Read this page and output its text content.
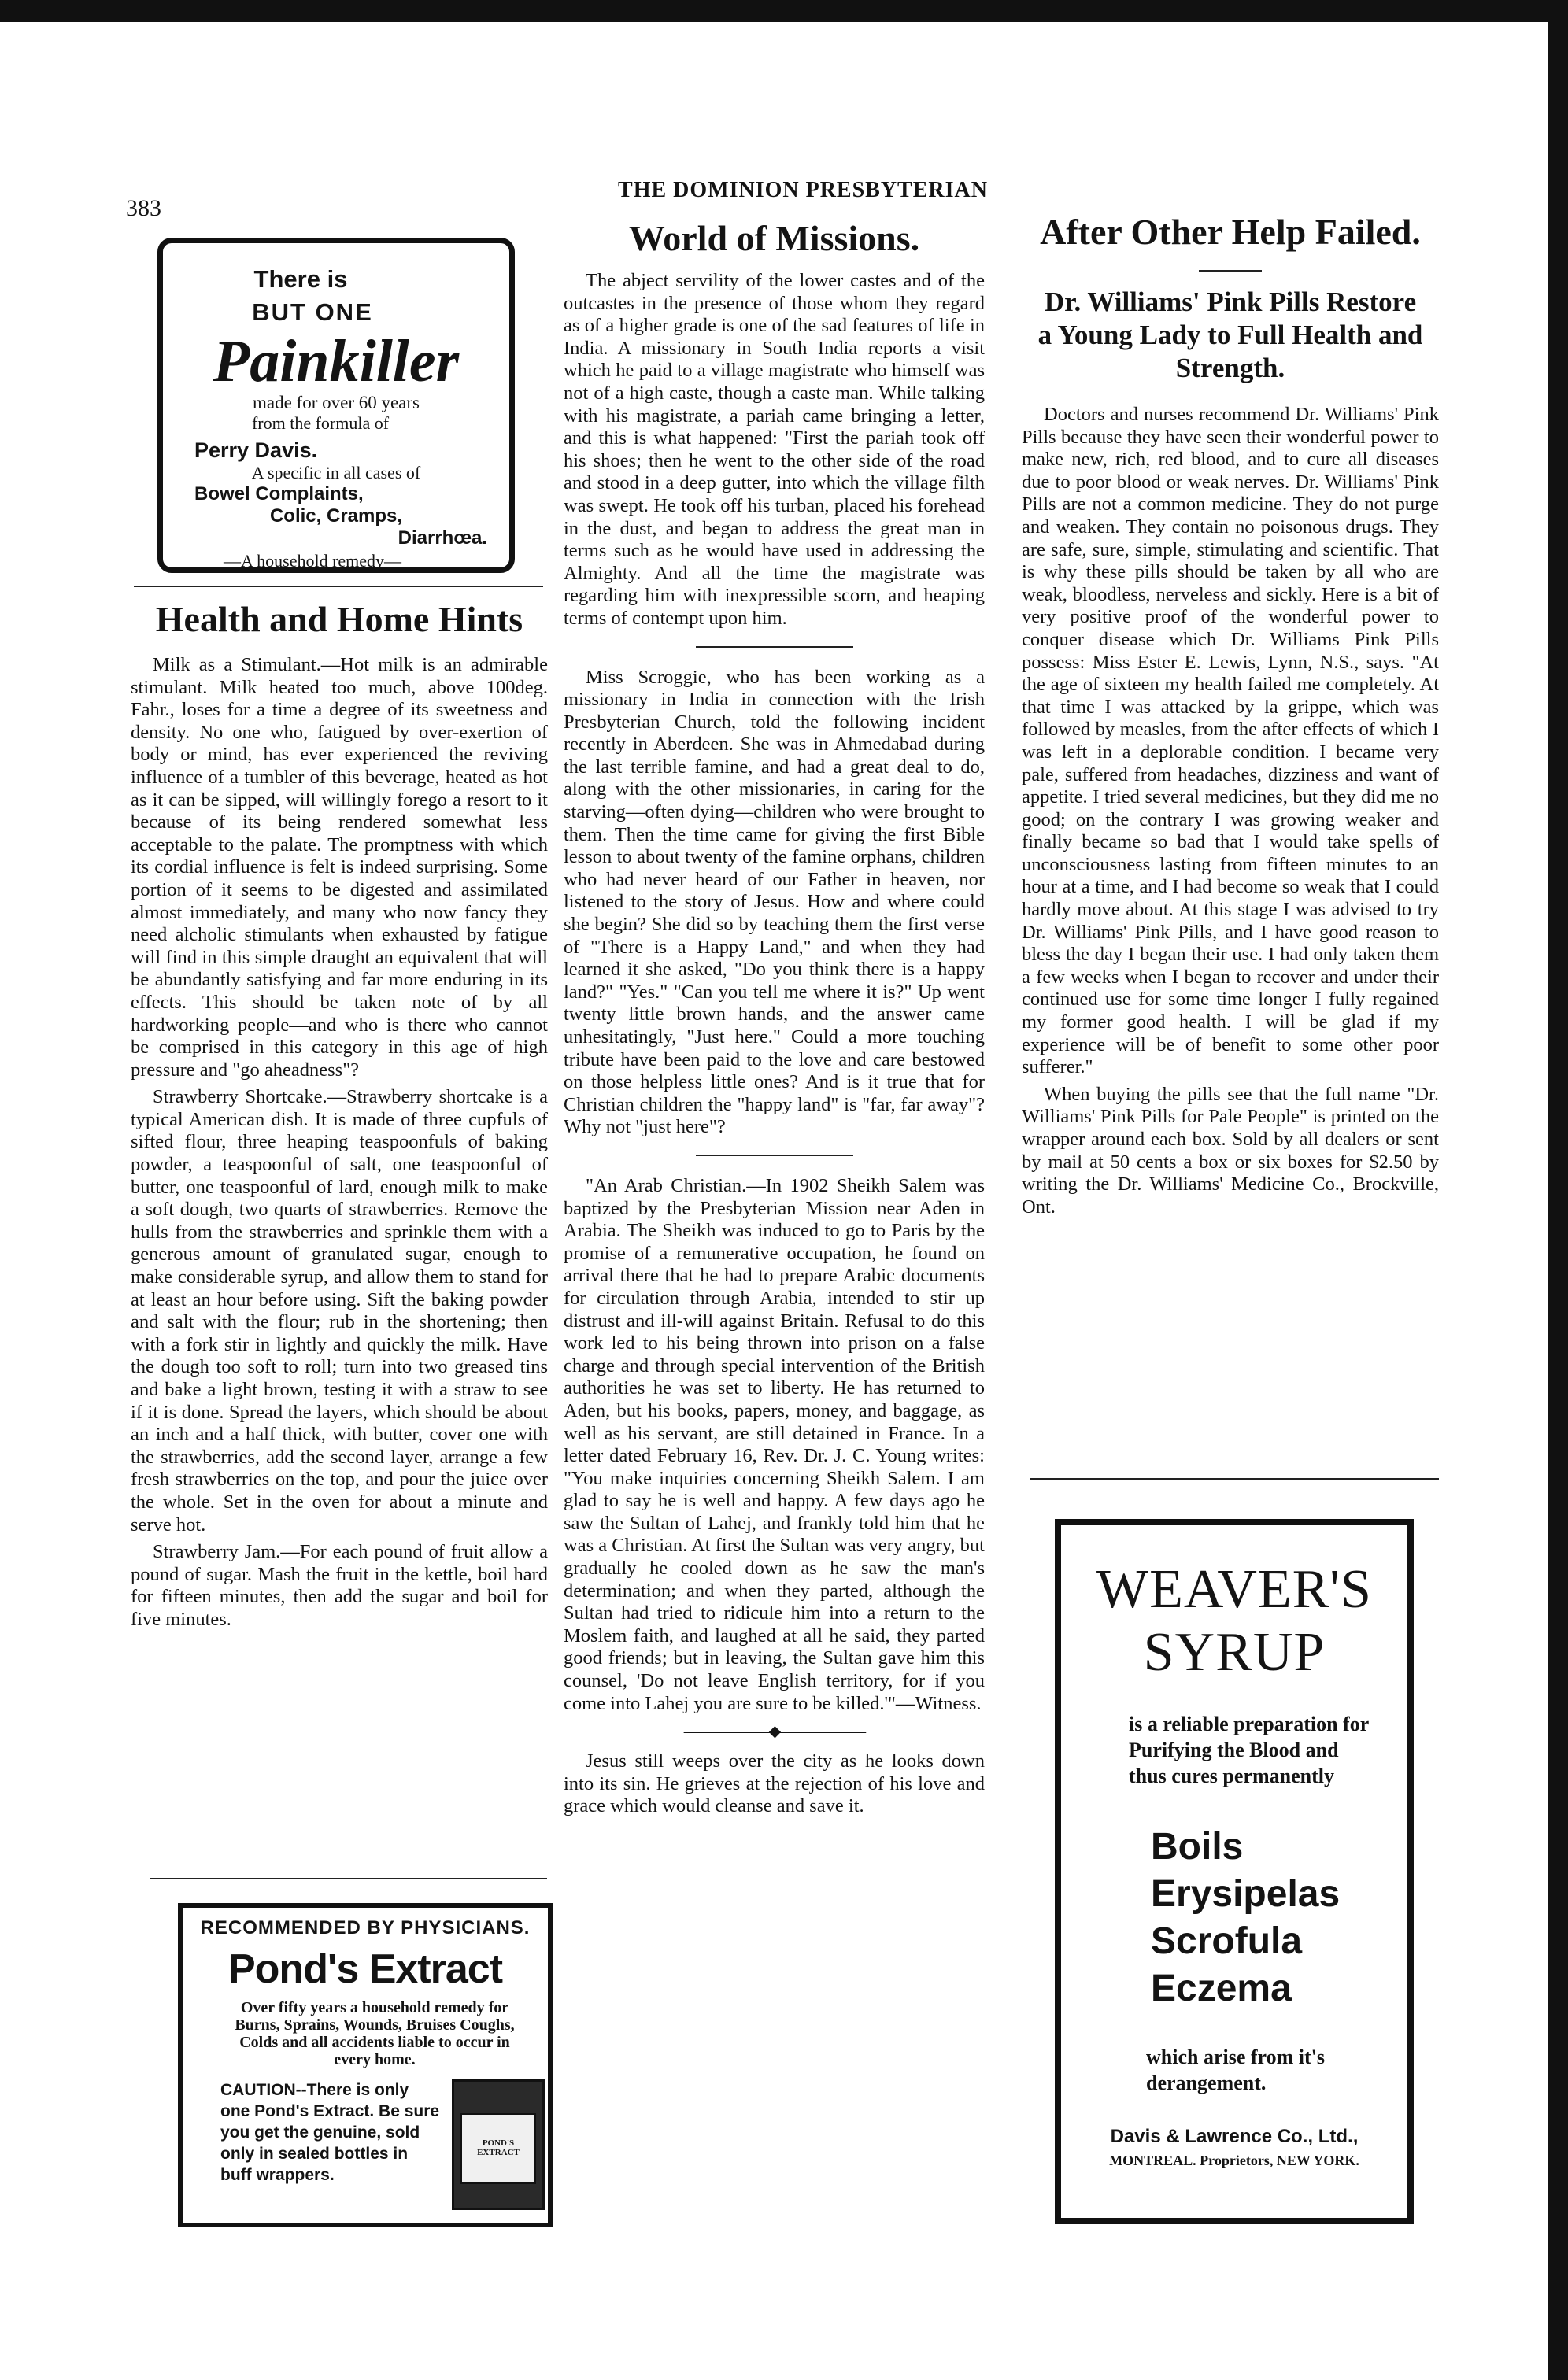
383
THE DOMINION PRESBYTERIAN
There is
BUT ONE
Painkiller
made for over 60 years
from the formula of
Perry Davis.
A specific in all cases of
Bowel Complaints,
Colic, Cramps,
Diarrhœa.
—A household remedy—
Health and Home Hints

Milk as a Stimulant.—Hot milk is an admirable stimulant. Milk heated too much, above 100deg. Fahr., loses for a time a degree of its sweetness and density. No one who, fatigued by over-exertion of body or mind, has ever experienced the reviving influence of a tumbler of this beverage, heated as hot as it can be sipped, will willingly forego a resort to it because of its being rendered somewhat less acceptable to the palate. The promptness with which its cordial influence is felt is indeed surprising. Some portion of it seems to be digested and assimilated almost immediately, and many who now fancy they need alcholic stimulants when exhausted by fatigue will find in this simple draught an equivalent that will be abundantly satisfying and far more enduring in its effects. This should be taken note of by all hardworking people—and who is there who cannot be comprised in this category in this age of high pressure and "go aheadness"?

Strawberry Shortcake.—Strawberry shortcake is a typical American dish. It is made of three cupfuls of sifted flour, three heaping teaspoonfuls of baking powder, a teaspoonful of salt, one teaspoonful of butter, one teaspoonful of lard, enough milk to make a soft dough, two quarts of strawberries. Remove the hulls from the strawberries and sprinkle them with a generous amount of granulated sugar, enough to make considerable syrup, and allow them to stand for at least an hour before using. Sift the baking powder and salt with the flour; rub in the shortening; then with a fork stir in lightly and quickly the milk. Have the dough too soft to roll; turn into two greased tins and bake a light brown, testing it with a straw to see if it is done. Spread the layers, which should be about an inch and a half thick, with butter, cover one with the strawberries, add the second layer, arrange a few fresh strawberries on the top, and pour the juice over the whole. Set in the oven for about a minute and serve hot.

Strawberry Jam.—For each pound of fruit allow a pound of sugar. Mash the fruit in the kettle, boil hard for fifteen minutes, then add the sugar and boil for five minutes.

RECOMMENDED BY PHYSICIANS.
Pond's Extract
Over fifty years a household remedy for Burns, Sprains, Wounds, Bruises Coughs, Colds and all accidents liable to occur in every home.
CAUTION--There is only one Pond's Extract. Be sure you get the genuine, sold only in sealed bottles in buff wrappers.
POND'S EXTRACT
World of Missions.

The abject servility of the lower castes and of the outcastes in the presence of those whom they regard as of a higher grade is one of the sad features of life in India. A missionary in South India reports a visit which he paid to a village magistrate who himself was not of a high caste, though a caste man. While talking with his magistrate, a pariah came bringing a letter, and this is what happened: "First the pariah took off his shoes; then he went to the other side of the road and stood in a deep gutter, into which the village filth was swept. He took off his turban, placed his forehead in the dust, and began to address the great man in terms such as he would have used in addressing the Almighty. And all the time the magistrate was regarding him with inexpressible scorn, and heaping terms of contempt upon him.

Miss Scroggie, who has been working as a missionary in India in connection with the Irish Presbyterian Church, told the following incident recently in Aberdeen. She was in Ahmedabad during the last terrible famine, and had a great deal to do, along with the other missionaries, in caring for the starving—often dying—children who were brought to them. Then the time came for giving the first Bible lesson to about twenty of the famine orphans, children who had never heard of our Father in heaven, nor listened to the story of Jesus. How and where could she begin? She did so by teaching them the first verse of "There is a Happy Land," and when they had learned it she asked, "Do you think there is a happy land?" "Yes." "Can you tell me where it is?" Up went twenty little brown hands, and the answer came unhesitatingly, "Just here." Could a more touching tribute have been paid to the love and care bestowed on those helpless little ones? And is it true that for Christian children the "happy land" is "far, far away"? Why not "just here"?

"An Arab Christian.—In 1902 Sheikh Salem was baptized by the Presbyterian Mission near Aden in Arabia. The Sheikh was induced to go to Paris by the promise of a remunerative occupation, he found on arrival there that he had to prepare Arabic documents for circulation through Arabia, intended to stir up distrust and ill-will against Britain. Refusal to do this work led to his being thrown into prison on a false charge and through special intervention of the British authorities he was set to liberty. He has returned to Aden, but his books, papers, money, and baggage, as well as his servant, are still detained in France. In a letter dated February 16, Rev. Dr. J. C. Young writes: "You make inquiries concerning Sheikh Salem. I am glad to say he is well and happy. A few days ago he saw the Sultan of Lahej, and frankly told him that he was a Christian. At first the Sultan was very angry, but gradually he cooled down as he saw the man's determination; and when they parted, although the Sultan had tried to ridicule him into a return to the Moslem faith, and laughed at all he said, they parted good friends; but in leaving, the Sultan gave him this counsel, 'Do not leave English territory, for if you come into Lahej you are sure to be killed.'"—Witness.

——————◆——————

Jesus still weeps over the city as he looks down into its sin. He grieves at the rejection of his love and grace which would cleanse and save it.

After Other Help Failed.
Dr. Williams' Pink Pills Restore a Young Lady to Full Health and Strength.

Doctors and nurses recommend Dr. Williams' Pink Pills because they have seen their wonderful power to make new, rich, red blood, and to cure all diseases due to poor blood or weak nerves. Dr. Williams' Pink Pills are not a common medicine. They do not purge and weaken. They contain no poisonous drugs. They are safe, sure, simple, stimulating and scientific. That is why these pills should be taken by all who are weak, bloodless, nerveless and sickly. Here is a bit of very positive proof of the wonderful power to conquer disease which Dr. Williams Pink Pills possess: Miss Ester E. Lewis, Lynn, N.S., says. "At the age of sixteen my health failed me completely. At that time I was attacked by la grippe, which was followed by measles, from the after effects of which I was left in a deplorable condition. I became very pale, suffered from headaches, dizziness and want of appetite. I tried several medicines, but they did me no good; on the contrary I was growing weaker and finally became so bad that I would take spells of unconsciousness lasting from fifteen minutes to an hour at a time, and I had become so weak that I could hardly move about. At this stage I was advised to try Dr. Williams' Pink Pills, and I have good reason to bless the day I began their use. I had only taken them a few weeks when I began to recover and under their continued use for some time longer I fully regained my former good health. I will be glad if my experience will be of benefit to some other poor sufferer."

When buying the pills see that the full name "Dr. Williams' Pink Pills for Pale People" is printed on the wrapper around each box. Sold by all dealers or sent by mail at 50 cents a box or six boxes for $2.50 by writing the Dr. Williams' Medicine Co., Brockville, Ont.

WEAVER'S
SYRUP
is a reliable preparation for Purifying the Blood and thus cures permanently
Boils
Erysipelas
Scrofula
Eczema
which arise from it's derangement.
Davis & Lawrence Co., Ltd.,
MONTREAL. Proprietors, NEW YORK.
